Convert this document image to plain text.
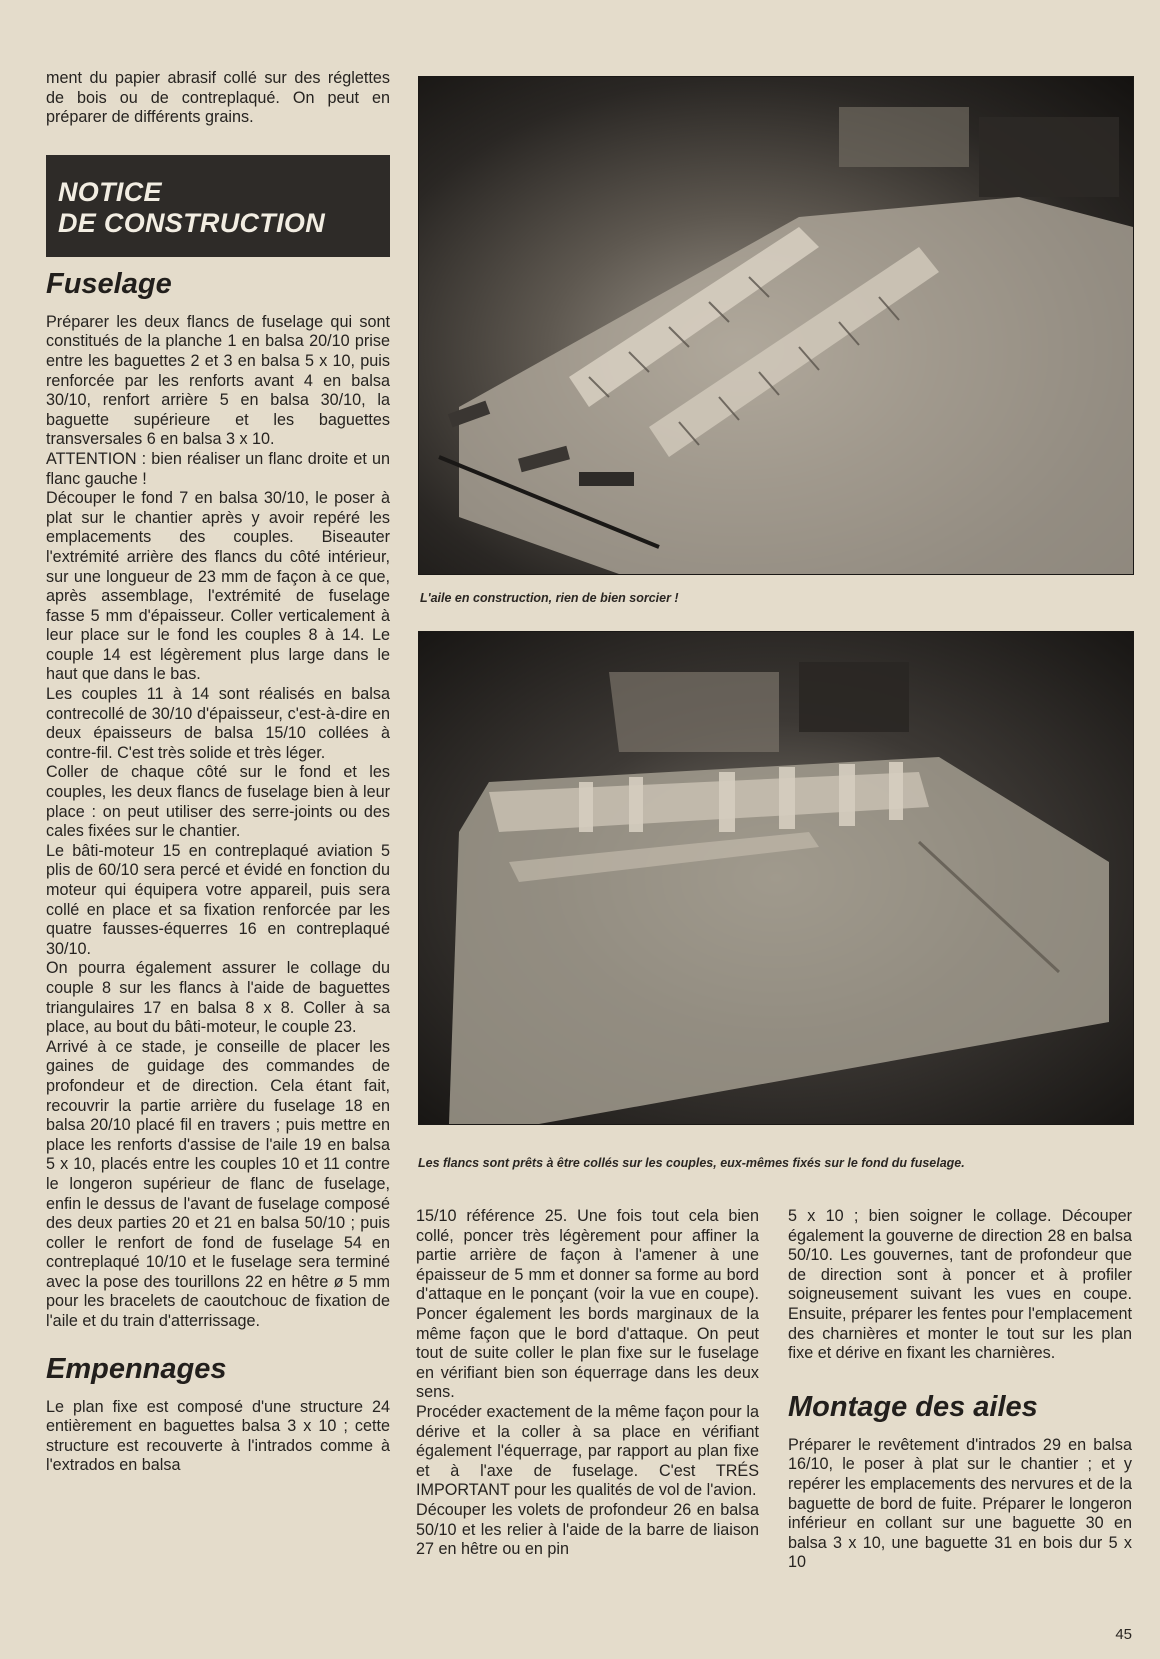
ment du papier abrasif collé sur des réglettes de bois ou de contreplaqué. On peut en préparer de différents grains.

NOTICE
DE CONSTRUCTION
Fuselage

Préparer les deux flancs de fuselage qui sont constitués de la planche 1 en balsa 20/10 prise entre les baguettes 2 et 3 en balsa 5 x 10, puis renforcée par les renforts avant 4 en balsa 30/10, renfort arrière 5 en balsa 30/10, la baguette supérieure et les baguettes transversales 6 en balsa 3 x 10.

ATTENTION : bien réaliser un flanc droite et un flanc gauche !

Découper le fond 7 en balsa 30/10, le poser à plat sur le chantier après y avoir repéré les emplacements des couples. Biseauter l'extrémité arrière des flancs du côté intérieur, sur une longueur de 23 mm de façon à ce que, après assemblage, l'extrémité de fuselage fasse 5 mm d'épaisseur. Coller verticalement à leur place sur le fond les couples 8 à 14. Le couple 14 est légèrement plus large dans le haut que dans le bas.

Les couples 11 à 14 sont réalisés en balsa contrecollé de 30/10 d'épaisseur, c'est-à-dire en deux épaisseurs de balsa 15/10 collées à contre-fil. C'est très solide et très léger.

Coller de chaque côté sur le fond et les couples, les deux flancs de fuselage bien à leur place : on peut utiliser des serre-joints ou des cales fixées sur le chantier.

Le bâti-moteur 15 en contreplaqué aviation 5 plis de 60/10 sera percé et évidé en fonction du moteur qui équipera votre appareil, puis sera collé en place et sa fixation renforcée par les quatre fausses-équerres 16 en contreplaqué 30/10.

On pourra également assurer le collage du couple 8 sur les flancs à l'aide de baguettes triangulaires 17 en balsa 8 x 8. Coller à sa place, au bout du bâti-moteur, le couple 23.

Arrivé à ce stade, je conseille de placer les gaines de guidage des commandes de profondeur et de direction. Cela étant fait, recouvrir la partie arrière du fuselage 18 en balsa 20/10 placé fil en travers ; puis mettre en place les renforts d'assise de l'aile 19 en balsa 5 x 10, placés entre les couples 10 et 11 contre le longeron supérieur de flanc de fuselage, enfin le dessus de l'avant de fuselage composé des deux parties 20 et 21 en balsa 50/10 ; puis coller le renfort de fond de fuselage 54 en contreplaqué 10/10 et le fuselage sera terminé avec la pose des tourillons 22 en hêtre ø 5 mm pour les bracelets de caoutchouc de fixation de l'aile et du train d'atterrissage.

Empennages

Le plan fixe est composé d'une structure 24 entièrement en baguettes balsa 3 x 10 ; cette structure est recouverte à l'intrados comme à l'extrados en balsa

L'aile en construction, rien de bien sorcier !
Les flancs sont prêts à être collés sur les couples, eux-mêmes fixés sur le fond du fuselage.

15/10 référence 25. Une fois tout cela bien collé, poncer très légèrement pour affiner la partie arrière de façon à l'amener à une épaisseur de 5 mm et donner sa forme au bord d'attaque en le ponçant (voir la vue en coupe). Poncer également les bords marginaux de la même façon que le bord d'attaque. On peut tout de suite coller le plan fixe sur le fuselage en vérifiant bien son équerrage dans les deux sens.

Procéder exactement de la même façon pour la dérive et la coller à sa place en vérifiant également l'équerrage, par rapport au plan fixe et à l'axe de fuselage. C'est TRÉS IMPORTANT pour les qualités de vol de l'avion.

Découper les volets de profondeur 26 en balsa 50/10 et les relier à l'aide de la barre de liaison 27 en hêtre ou en pin

5 x 10 ; bien soigner le collage. Découper également la gouverne de direction 28 en balsa 50/10. Les gouvernes, tant de profondeur que de direction sont à poncer et à profiler soigneusement suivant les vues en coupe. Ensuite, préparer les fentes pour l'emplacement des charnières et monter le tout sur les plan fixe et dérive en fixant les charnières.

Montage des ailes

Préparer le revêtement d'intrados 29 en balsa 16/10, le poser à plat sur le chantier ; et y repérer les emplacements des nervures et de la baguette de bord de fuite. Préparer le longeron inférieur en collant sur une baguette 30 en balsa 3 x 10, une baguette 31 en bois dur 5 x 10

45
